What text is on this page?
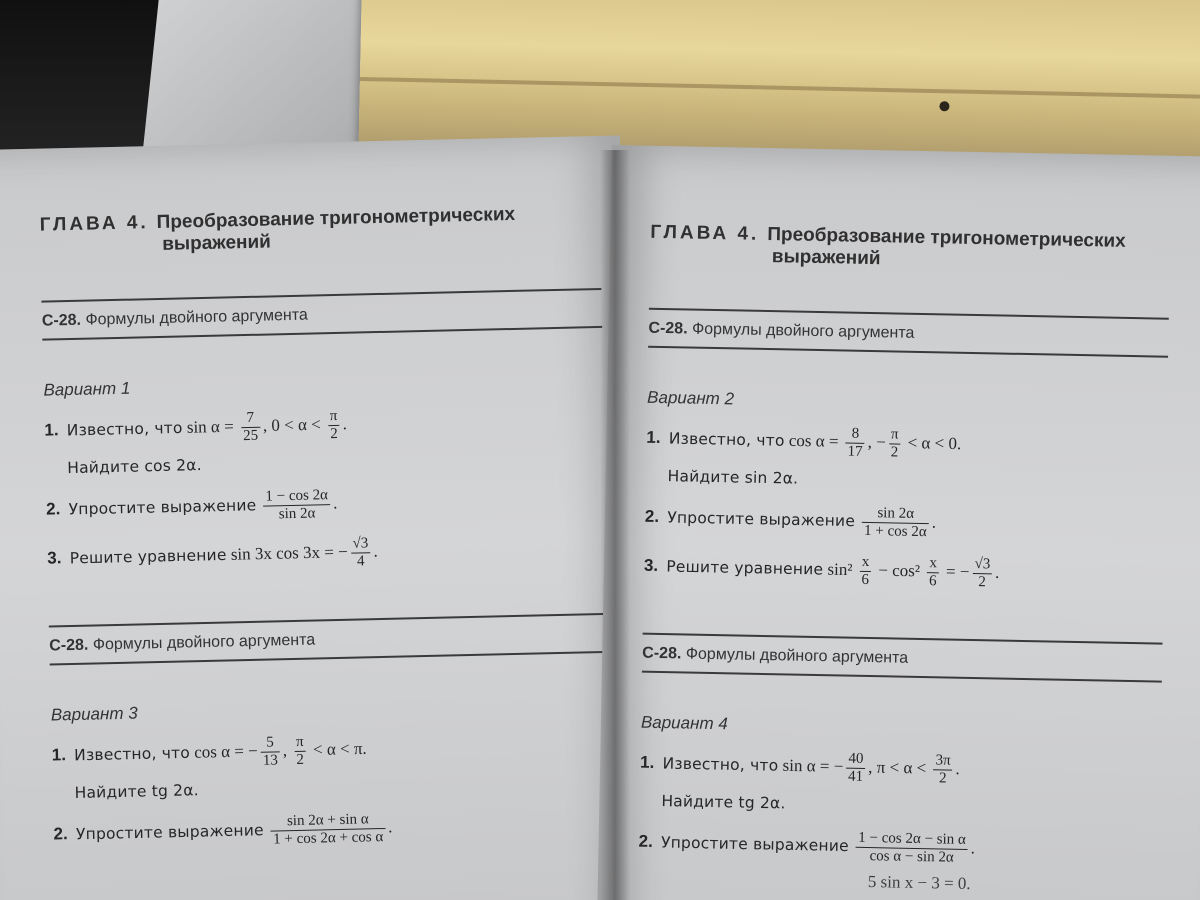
ГЛАВА 4. Преобразование тригонометрических
выражений
С-28. Формулы двойного аргумента
Вариант 1
1. Известно, что $\sin \alpha = \frac{7}{25}$ , $0 < \alpha < \frac{\pi}{2}$ .
Найдите cos 2α.
2. Упростите выражение $\frac{1 - \cos 2\alpha}{\sin 2\alpha}$ .
3. Решите уравнение sin 3x cos 3x = − $\frac{√3}{4}$ .
С-28. Формулы двойного аргумента
Вариант 3
1. Известно, что cos α = − $\frac{5}{13}$ , $\frac{\pi}{2} < \alpha < \pi$.
Найдите tg 2α.
2. Упростите выражение $\frac{\text{sin 2α + sin α}}{\text{1 + cos 2α + cos α}}$ .
ГЛАВА 4. Преобразование тригонометрических
выражений
С-28. Формулы двойного аргумента
Вариант 2
1. Известно, что $\cos \alpha = \frac{8}{17}$ , − $\frac{\pi}{2} < \alpha < 0$.
Найдите sin 2α.
2. Упростите выражение $\frac{\sin 2\alpha}{1 + \cos 2\alpha}$ .
3. Решите уравнение $\sin^2 \frac{x}{6} - \cos^2 \frac{x}{6}$ = − $\frac{√3}{2}$ .
С-28. Формулы двойного аргумента
Вариант 4
1. Известно, что sin α = − $\frac{40}{41}$ , $\pi < \alpha < \frac{3\pi}{2}$ .
Найдите tg 2α.
2. Упростите выражение $\frac{\text{1 − cos 2α − sin α}}{\text{cos α − sin 2α}}$ .
5 sin x − 3 = 0.
